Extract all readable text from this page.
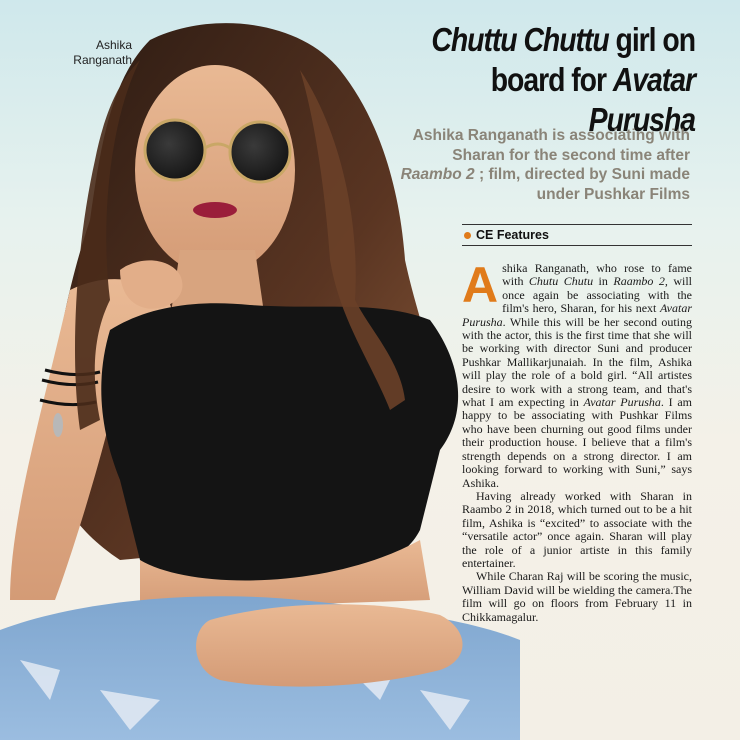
Ashika Ranganath
Chuttu Chuttu girl on
board for Avatar Purusha
Ashika Ranganath is associating with Sharan for the second time after Raambo 2 ; film, directed by Suni made under Pushkar Films
CE Features

Ashika Ranganath, who rose to fame with Chutu Chutu in Raambo 2, will once again be associating with the film's hero, Sharan, for his next Avatar Purusha. While this will be her second outing with the actor, this is the first time that she will be working with director Suni and producer Pushkar Mallikarjunaiah. In the film, Ashika will play the role of a bold girl. “All artistes desire to work with a strong team, and that's what I am expecting in Avatar Purusha. I am happy to be associating with Pushkar Films who have been churning out good films under their production house. I believe that a film's strength depends on a strong director. I am looking forward to working with Suni,” says Ashika.

Having already worked with Sharan in Raambo 2 in 2018, which turned out to be a hit film, Ashika is “excited” to associate with the “versatile actor” once again. Sharan will play the role of a junior artiste in this family entertainer.

While Charan Raj will be scoring the music, William David will be wielding the camera.The film will go on floors from February 11 in Chikkamagalur.
